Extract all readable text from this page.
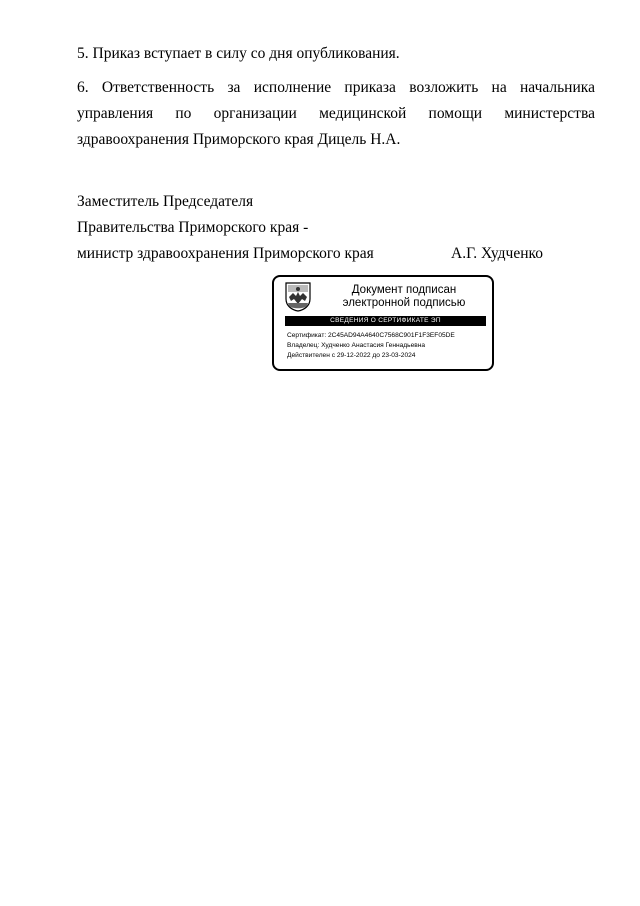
5. Приказ вступает в силу со дня опубликования.
6. Ответственность за исполнение приказа возложить на начальника
управления по организации медицинской помощи министерства
здравоохранения Приморского края Дицель Н.А.
Заместитель Председателя
Правительства Приморского края -
министр здравоохранения Приморского края	А.Г. Худченко
Документ подписан
электронной подписью
СВЕДЕНИЯ О СЕРТИФИКАТЕ ЭП
Сертификат: 2C45AD94A4640C7568C901F1F3EF05DE
Владелец: Худченко Анастасия Геннадьевна
Действителен с 29-12-2022 до 23-03-2024
